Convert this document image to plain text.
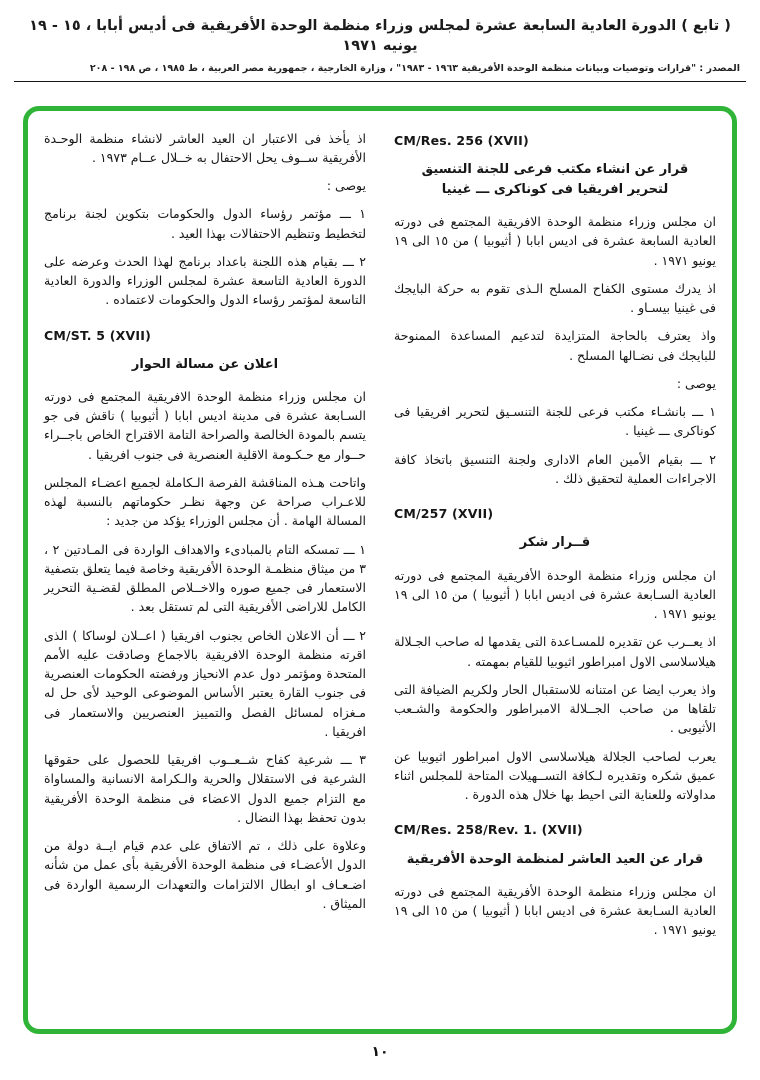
( تابع ) الدورة العادية السابعة عشرة لمجلس وزراء منظمة الوحدة الأفريقية فى أديس أبابا ، ١٥ - ١٩ يونيه ١٩٧١
المصدر : "قرارات وتوصيات وبيانات منظمة الوحدة الأفريقية ١٩٦٣ - ١٩٨٣" ، وزارة الخارجية ، جمهورية مصر العربية ، ط ١٩٨٥ ، ص ١٩٨ - ٢٠٨
CM/Res. 256 (XVII)
قرار عن انشاء مكتب فرعى للجنة التنسيق لتحرير افريقيا فى كوناكرى ـــ غينيا

ان مجلس وزراء منظمة الوحدة الافريقية المجتمع فى دورته العادية السابعة عشرة فى اديس ابابا ( أثيوبيا ) من ١٥ الى ١٩ يونيو ١٩٧١ .

اذ يدرك مستوى الكفاح المسلح الـذى تقوم به حركة البايجك فى غينيا بيسـاو .

واذ يعترف بالحاجة المتزايدة لتدعيم المساعدة الممنوحة للبايجك فى نضـالها المسلح .

يوصى :

١ ـــ بانشـاء مكتب فرعى للجنة التنسـيق لتحرير افريقيا فى كوناكرى ـــ غينيا .

٢ ـــ بقيام الأمين العام الادارى ولجنة التنسيق باتخاذ كافة الاجراءات العملية لتحقيق ذلك .

CM/257 (XVII)
قــرار شكر

ان مجلس وزراء منظمة الوحدة الأفريقية المجتمع فى دورته العادية السـابعة عشرة فى اديس ابابا ( أثيوبيا ) من ١٥ الى ١٩ يونيو ١٩٧١ .

اذ يعــرب عن تقديره للمسـاعدة التى يقدمها له صاحب الجـلالة هيلاسلاسى الاول امبراطور اثيوبيا للقيام بمهمته .

واذ يعرب ايضا عن امتنانه للاستقبال الحار ولكريم الضيافة التى تلقاها من صاحب الجــلالة الامبراطور والحكومة والشـعب الأثيوبى .

يعرب لصاحب الجلالة هيلاسلاسى الاول امبراطور اثيوبيا عن عميق شكره وتقديره لـكافة التســهيلات المتاحة للمجلس اثناء مداولاته وللعناية التى احيط بها خلال هذه الدورة .

CM/Res. 258/Rev. 1. (XVII)
قرار عن العيد العاشر لمنظمة الوحدة الأفريقية

ان مجلس وزراء منظمة الوحدة الأفريقية المجتمع فى دورته العادية السـابعة عشرة فى اديس ابابا ( أثيوبيا ) من ١٥ الى ١٩ يونيو ١٩٧١ .

اذ يأخذ فى الاعتبار ان العيد العاشر لانشاء منظمة الوحـدة الأفريقية ســوف يحل الاحتفال به خــلال عــام ١٩٧٣ .

يوصى :

١ ـــ مؤتمر رؤساء الدول والحكومات بتكوين لجنة برنامج لتخطيط وتنظيم الاحتفالات بهذا العيد .

٢ ـــ بقيام هذه اللجنة باعداد برنامج لهذا الحدث وعرضه على الدورة العادية التاسعة عشرة لمجلس الوزراء والدورة العادية التاسعة لمؤتمر رؤساء الدول والحكومات لاعتماده .

CM/ST. 5 (XVII)
اعلان عن مسالة الحوار

ان مجلس وزراء منظمة الوحدة الافريقية المجتمع فى دورته السـابعة عشرة فى مدينة اديس ابابا ( أثيوبيا ) ناقش فى جو يتسم بالمودة الخالصة والصراحة التامة الاقتراح الخاص باجــراء حــوار مع حـكـومة الاقلية العنصرية فى جنوب افريقيا .

واتاحت هـذه المناقشة الفرصة الـكاملة لجميع اعضـاء المجلس للاعـراب صراحة عن وجهة نظـر حكوماتهم بالنسبة لهذه المسالة الهامة . أن مجلس الوزراء يؤكد من جديد :

١ ـــ تمسكه التام بالمبادىء والاهداف الواردة فى المـادتين ٢ ، ٣ من ميثاق منظمـة الوحدة الأفريقية وخاصة فيما يتعلق بتصفية الاستعمار فى جميع صوره والاخــلاص المطلق لقضـية التحرير الكامل للاراضى الأفريقية التى لم تستقل بعد .

٢ ـــ أن الاعلان الخاص بجنوب افريقيا ( اعــلان لوساكا ) الذى اقرته منظمة الوحدة الافريقية بالاجماع وصادقت عليه الأمم المتحدة ومؤتمر دول عدم الانحياز ورفضته الحكومات العنصرية فى جنوب القارة يعتبر الأساس الموضوعى الوحيد لأى حل له مـغزاه لمسائل الفصل والتمييز العنصريين والاستعمار فى افريقيا .

٣ ـــ شرعية كفاح شــعــوب افريقيا للحصول على حقوقها الشرعية فى الاستقلال والحرية والـكرامة الانسانية والمساواة مع التزام جميع الدول الاعضاء فى منظمة الوحدة الأفريقية بدون تحفظ بهذا النضال .

وعلاوة على ذلك ، تم الاتفاق على عدم قيام ايــة دولة من الدول الأعضـاء فى منظمة الوحدة الأفريقية بأى عمل من شأنه اضـعـاف او ابطال الالتزامات والتعهدات الرسمية الواردة فى الميثاق .

١٠
